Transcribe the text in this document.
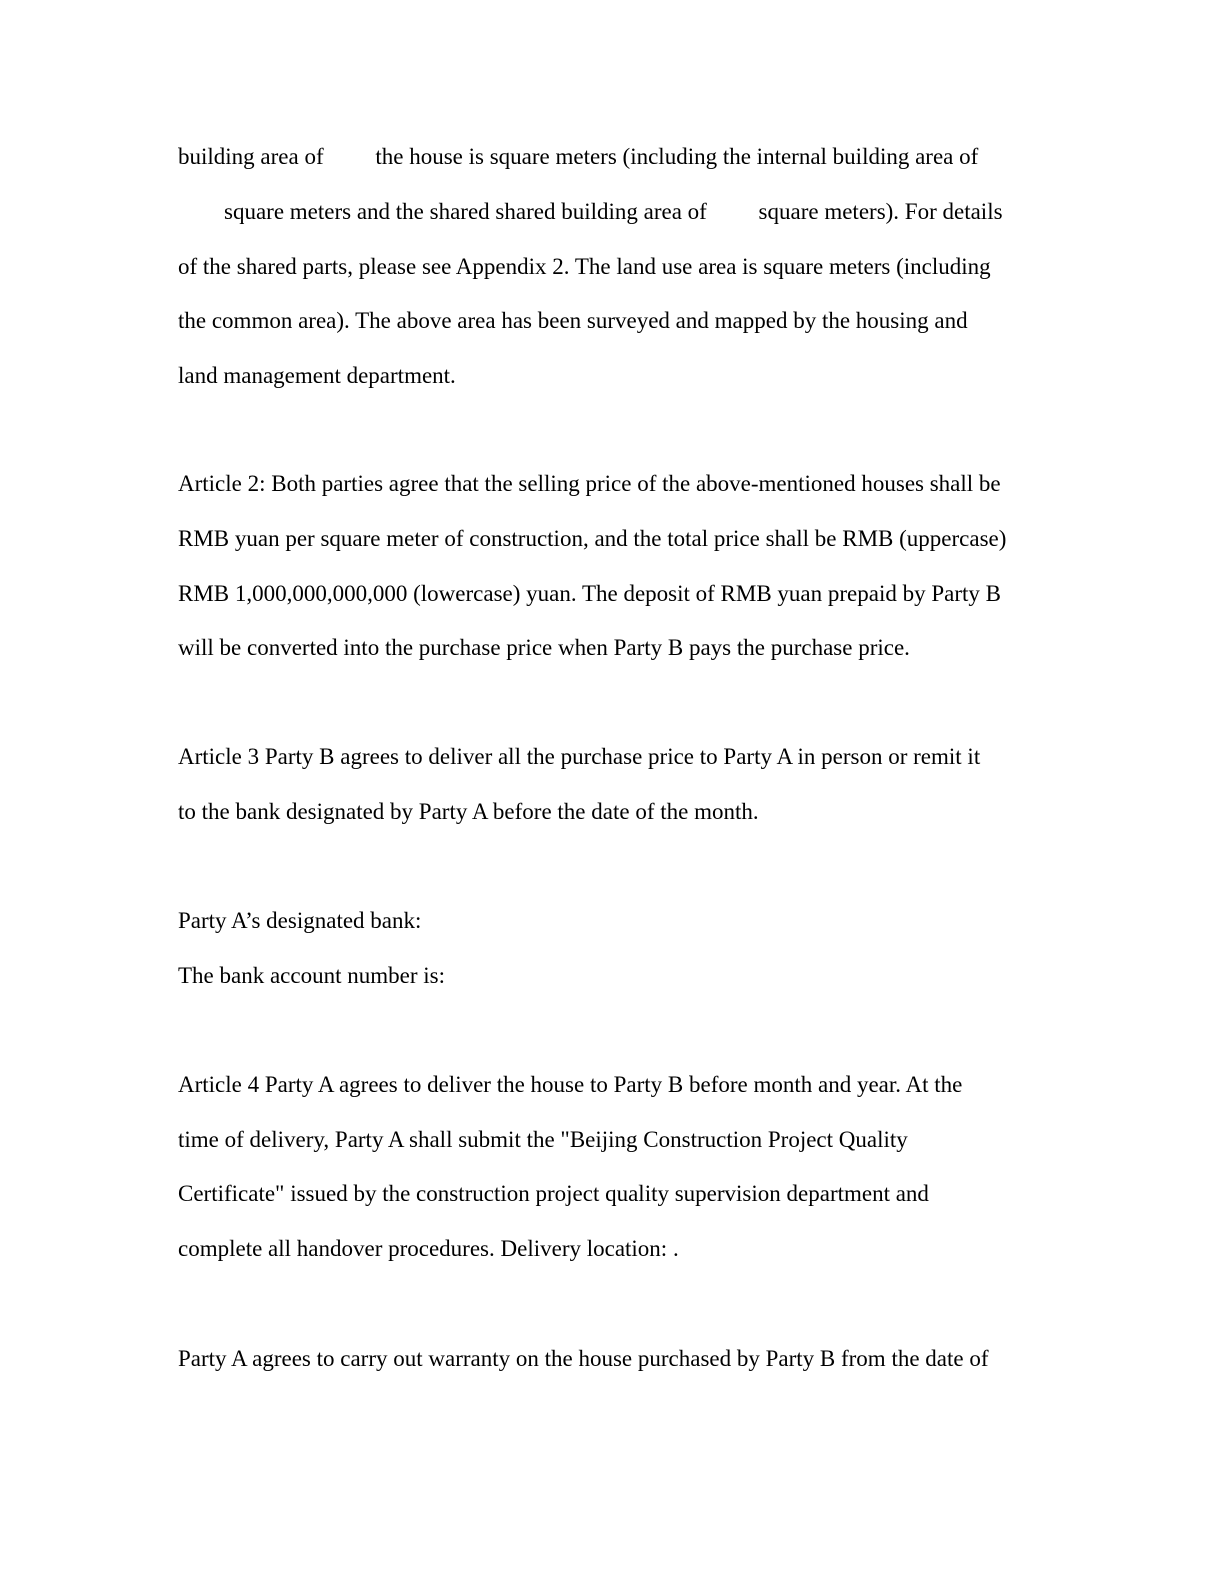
building area of         the house is square meters (including the internal building area of

square meters and the shared shared building area of         square meters). For details

of the shared parts, please see Appendix 2. The land use area is square meters (including

the common area). The above area has been surveyed and mapped by the housing and

land management department.

Article 2: Both parties agree that the selling price of the above-mentioned houses shall be

RMB yuan per square meter of construction, and the total price shall be RMB (uppercase)

RMB 1,000,000,000,000 (lowercase) yuan. The deposit of RMB yuan prepaid by Party B

will be converted into the purchase price when Party B pays the purchase price.

Article 3 Party B agrees to deliver all the purchase price to Party A in person or remit it

to the bank designated by Party A before the date of the month.

Party A’s designated bank:

The bank account number is:

Article 4 Party A agrees to deliver the house to Party B before month and year. At the

time of delivery, Party A shall submit the "Beijing Construction Project Quality

Certificate" issued by the construction project quality supervision department and

complete all handover procedures. Delivery location: .

Party A agrees to carry out warranty on the house purchased by Party B from the date of
